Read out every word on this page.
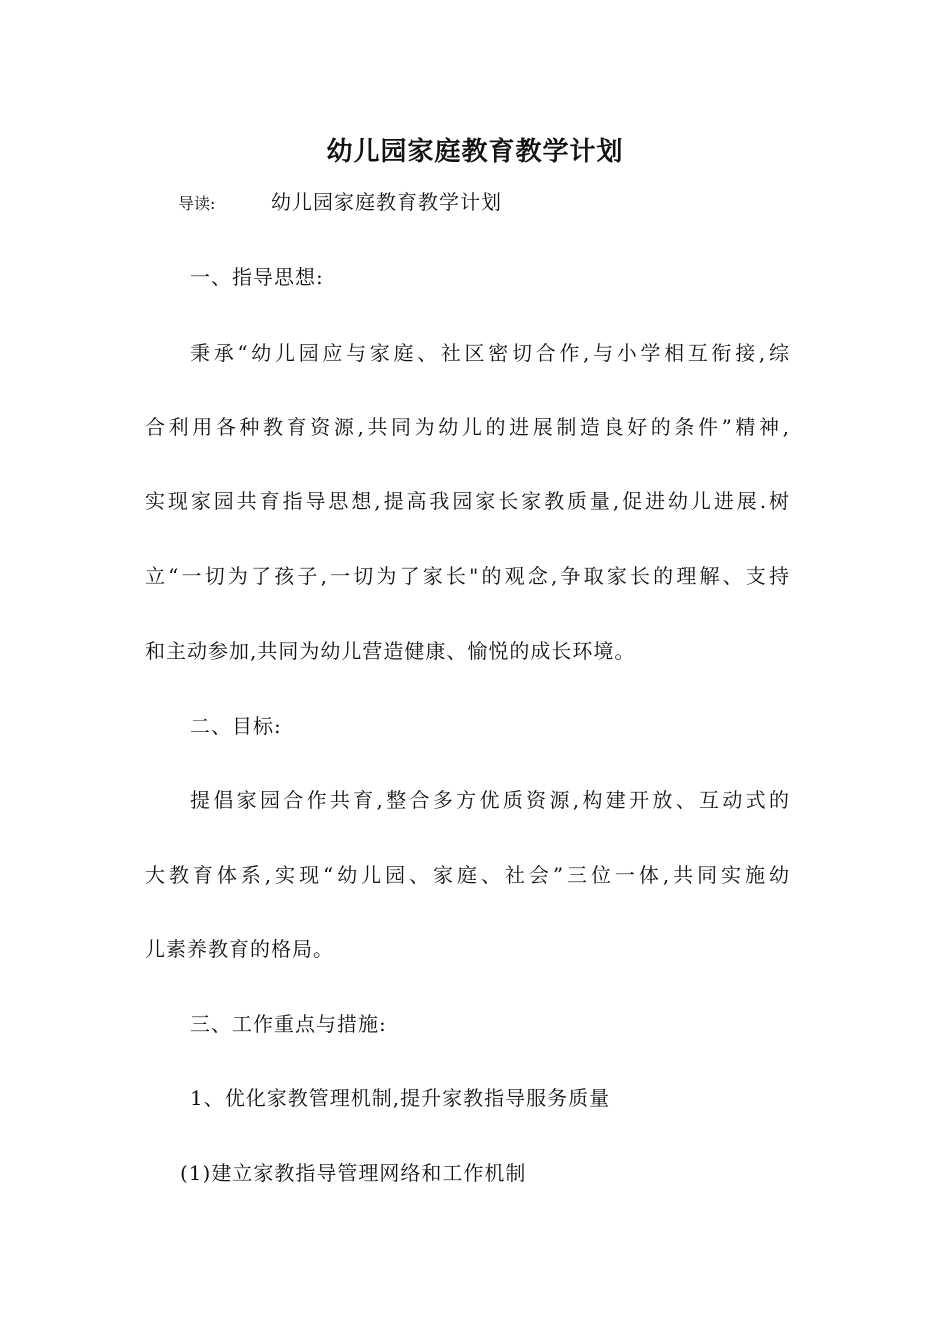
幼儿园家庭教育教学计划
导读:	幼儿园家庭教育教学计划
一、指导思想:
秉承“幼儿园应与家庭、社区密切合作,与小学相互衔接,综
合利用各种教育资源,共同为幼儿的进展制造良好的条件”精神,
实现家园共育指导思想,提高我园家长家教质量,促进幼儿进展.树
立“一切为了孩子,一切为了家长"的观念,争取家长的理解、支持
和主动参加,共同为幼儿营造健康、愉悦的成长环境。
二、目标:
提倡家园合作共育,整合多方优质资源,构建开放、互动式的
大教育体系,实现“幼儿园、家庭、社会”三位一体,共同实施幼
儿素养教育的格局。
三、工作重点与措施:
1、优化家教管理机制,提升家教指导服务质量
(1)建立家教指导管理网络和工作机制
